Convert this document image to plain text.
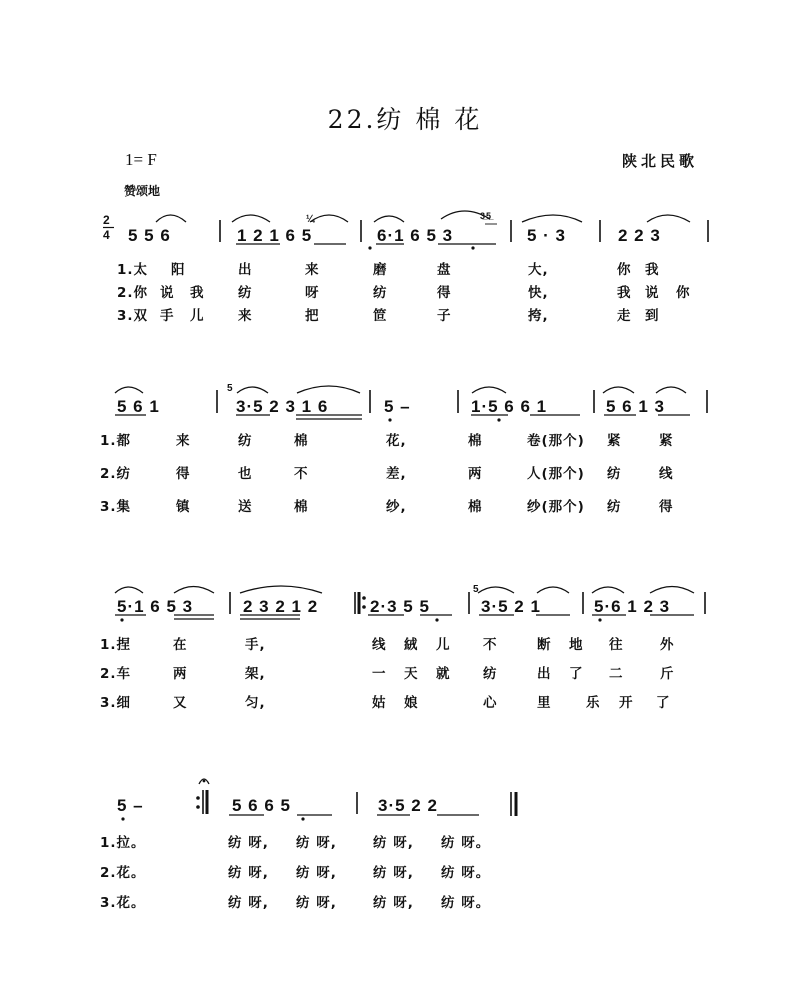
22.纺 棉 花
1= F	陕北民歌
赞颂地
2
4 5 5 6	1 2 1 6 5	6·1 6 5 3	5 · 3	2 2 3
¼	3̲5̲
1.太 阳	出	来	磨	盘	大,	你 我
2.你 说 我 纺	呀	纺	得	快,	我 说 你
3.双 手 儿 来	把	笸	子	挎,	走 到
5 6 1	3·5 2 3 1 6	5 –	1·5 6 6 1	5 6 1 3
5
1.都	来	纺	棉	花,	棉	卷(那个) 紧	紧
2.纺	得	也	不	差,	两	人(那个) 纺	线
3.集	镇	送	棉	纱,	棉	纱(那个) 纺	得
5·1 6 5 3	2 3 2 1 2	2·3 5 5	3·5 2 1	5·6 1 2 3
5
1.捏	在	手,	线 絨 儿 不	断 地 往	外
2.车	两	架,	一 天 就 纺	出 了 二	斤
3.细	又	匀,	姑 娘	心	里	乐 开 了
5 –	5 6 6 5	3·5 2 2
1.拉。	纺 呀, 纺 呀,	纺 呀, 纺 呀。
2.花。	纺 呀, 纺 呀,	纺 呀, 纺 呀。
3.花。	纺 呀, 纺 呀,	纺 呀, 纺 呀。
